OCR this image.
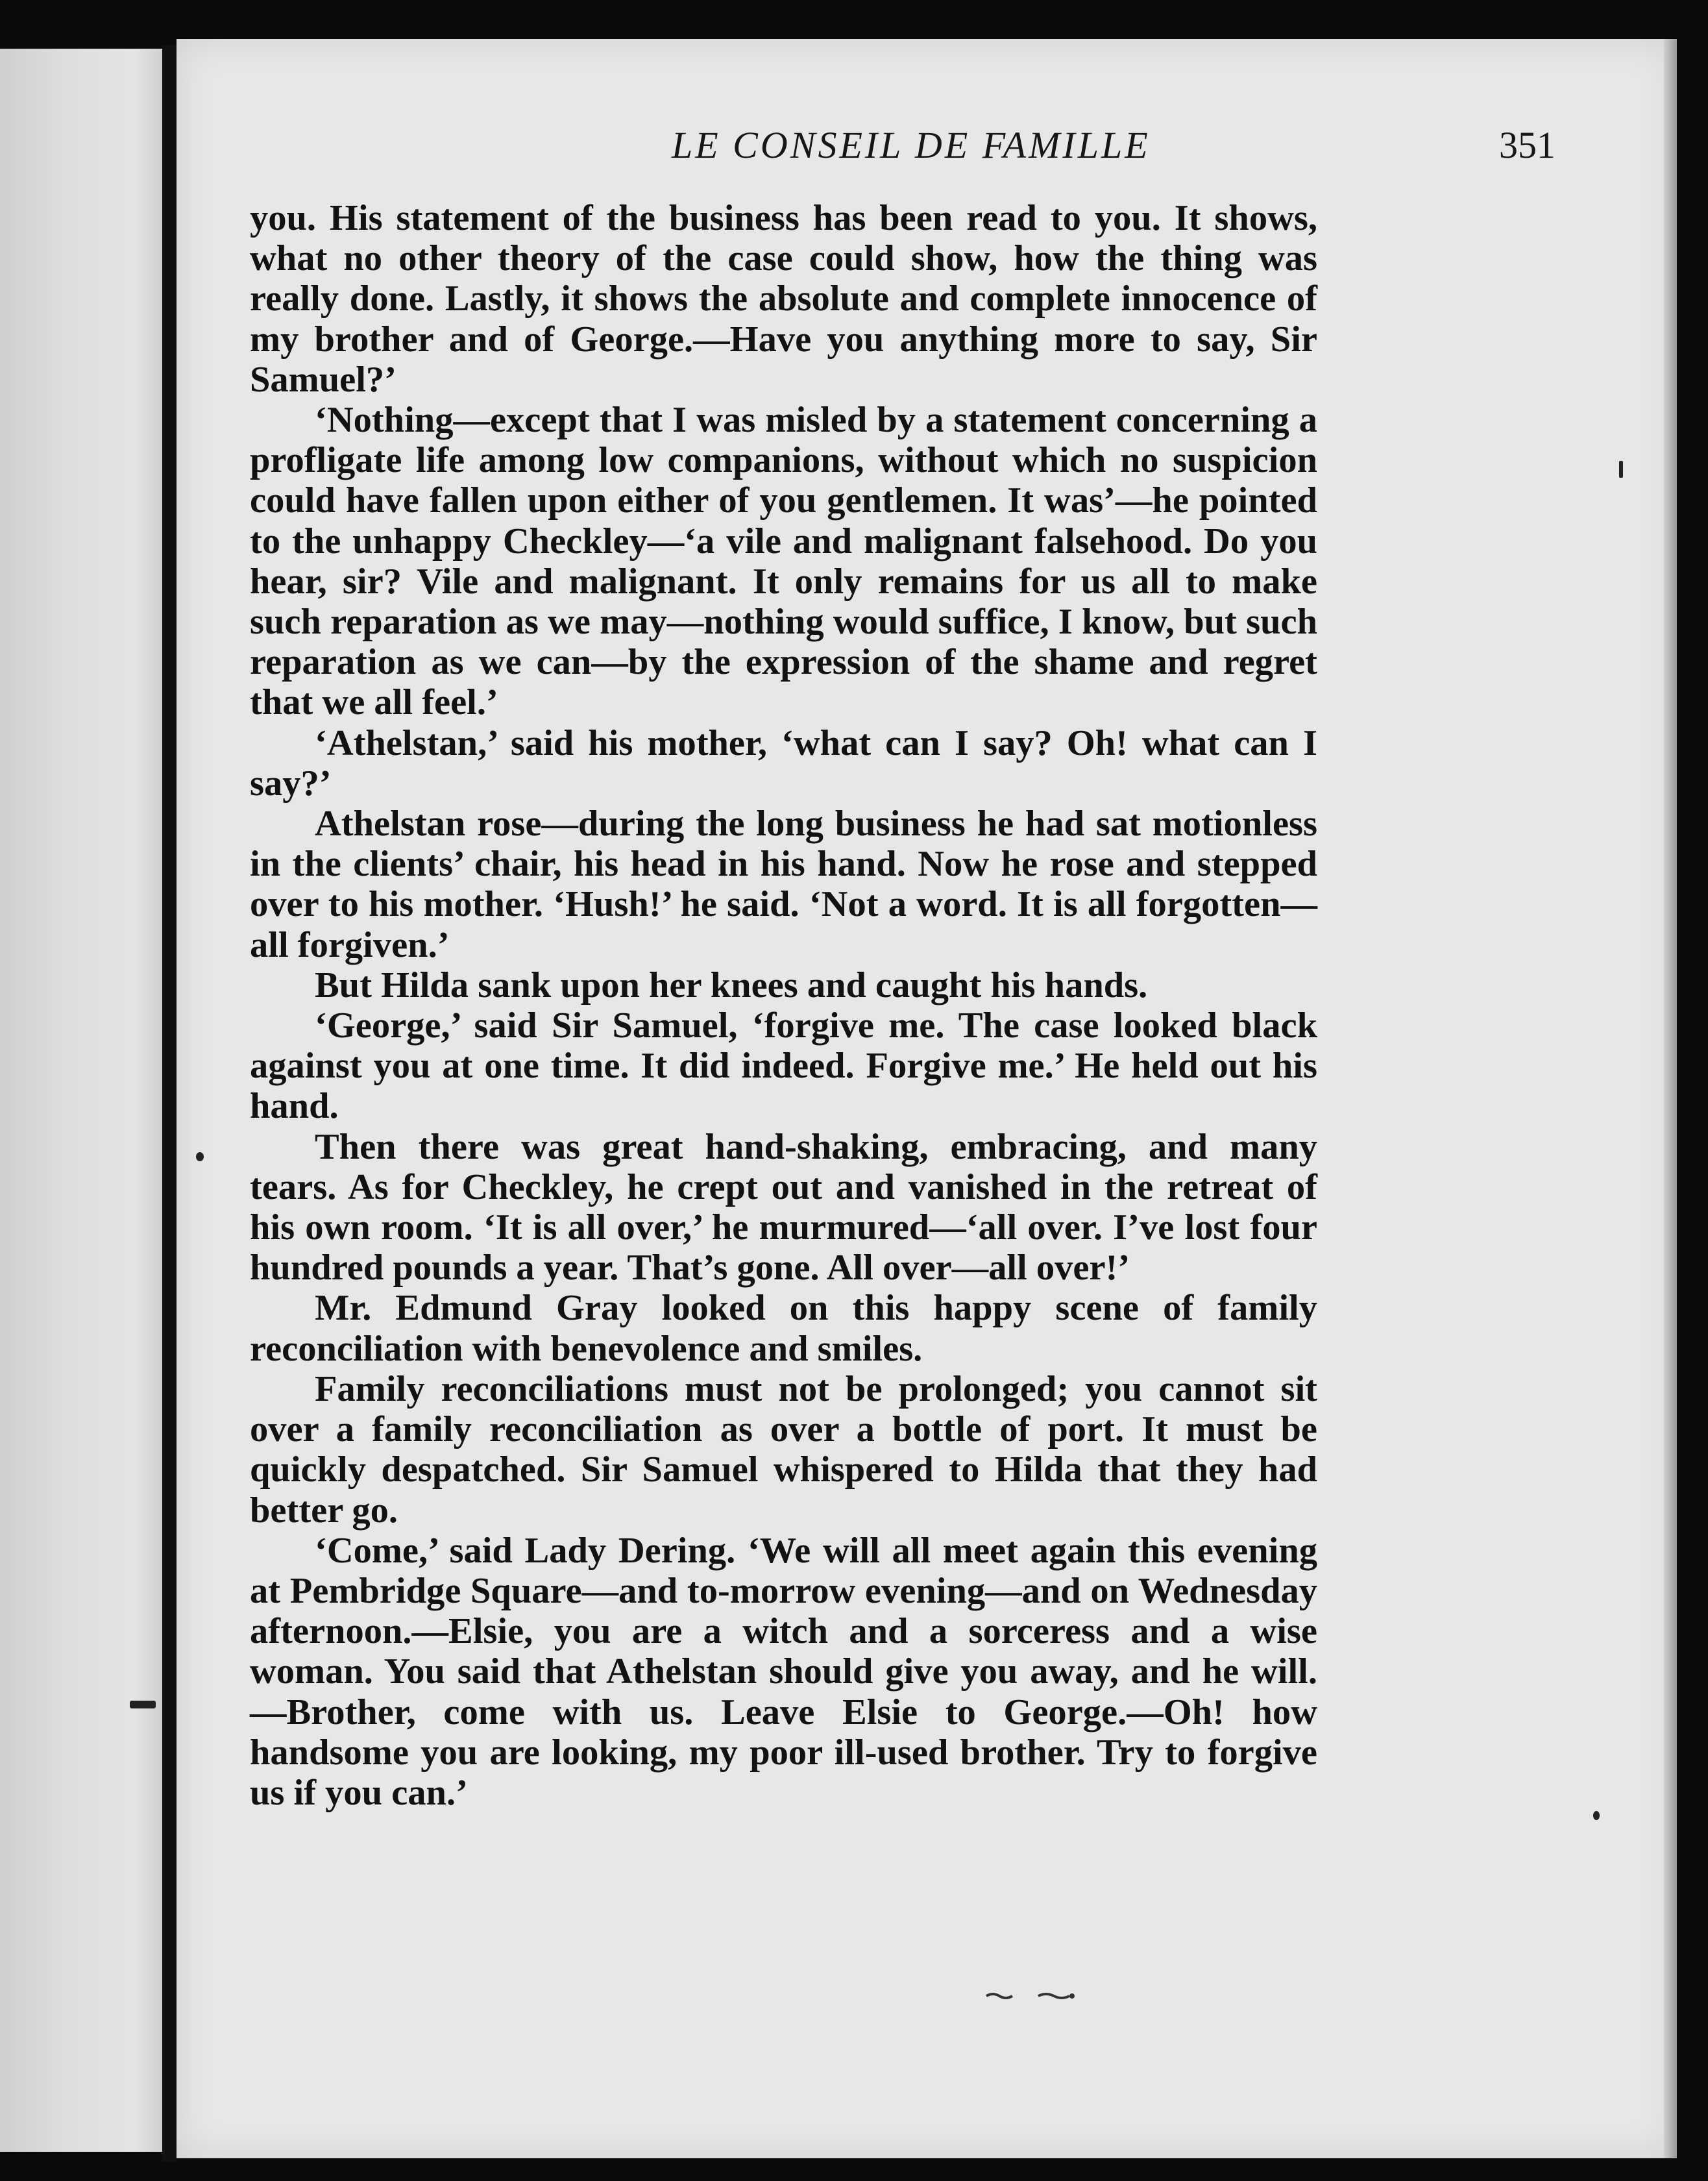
LE CONSEIL DE FAMILLE	351

you. His statement of the business has been read to you. It shows, what no other theory of the case could show, how the thing was really done. Lastly, it shows the absolute and complete innocence of my brother and of George.—Have you anything more to say, Sir Samuel?’

‘Nothing—except that I was misled by a statement concerning a profligate life among low companions, without which no suspicion could have fallen upon either of you gentlemen. It was’—he pointed to the unhappy Checkley—‘a vile and malignant falsehood. Do you hear, sir? Vile and malignant. It only remains for us all to make such reparation as we may—nothing would suffice, I know, but such reparation as we can—by the expression of the shame and regret that we all feel.’

‘Athelstan,’ said his mother, ‘what can I say? Oh! what can I say?’

Athelstan rose—during the long business he had sat motionless in the clients’ chair, his head in his hand. Now he rose and stepped over to his mother. ‘Hush!’ he said. ‘Not a word. It is all forgotten—all forgiven.’

But Hilda sank upon her knees and caught his hands.

‘George,’ said Sir Samuel, ‘forgive me. The case looked black against you at one time. It did indeed. Forgive me.’ He held out his hand.

Then there was great hand-shaking, embracing, and many tears. As for Checkley, he crept out and vanished in the retreat of his own room. ‘It is all over,’ he murmured—‘all over. I’ve lost four hundred pounds a year. That’s gone. All over—all over!’

Mr. Edmund Gray looked on this happy scene of family reconciliation with benevolence and smiles.

Family reconciliations must not be prolonged; you cannot sit over a family reconciliation as over a bottle of port. It must be quickly despatched. Sir Samuel whispered to Hilda that they had better go.

‘Come,’ said Lady Dering. ‘We will all meet again this evening at Pembridge Square—and to-morrow evening—and on Wednesday afternoon.—Elsie, you are a witch and a sorceress and a wise woman. You said that Athelstan should give you away, and he will.—Brother, come with us. Leave Elsie to George.—Oh! how handsome you are looking, my poor ill-used brother. Try to forgive us if you can.’
